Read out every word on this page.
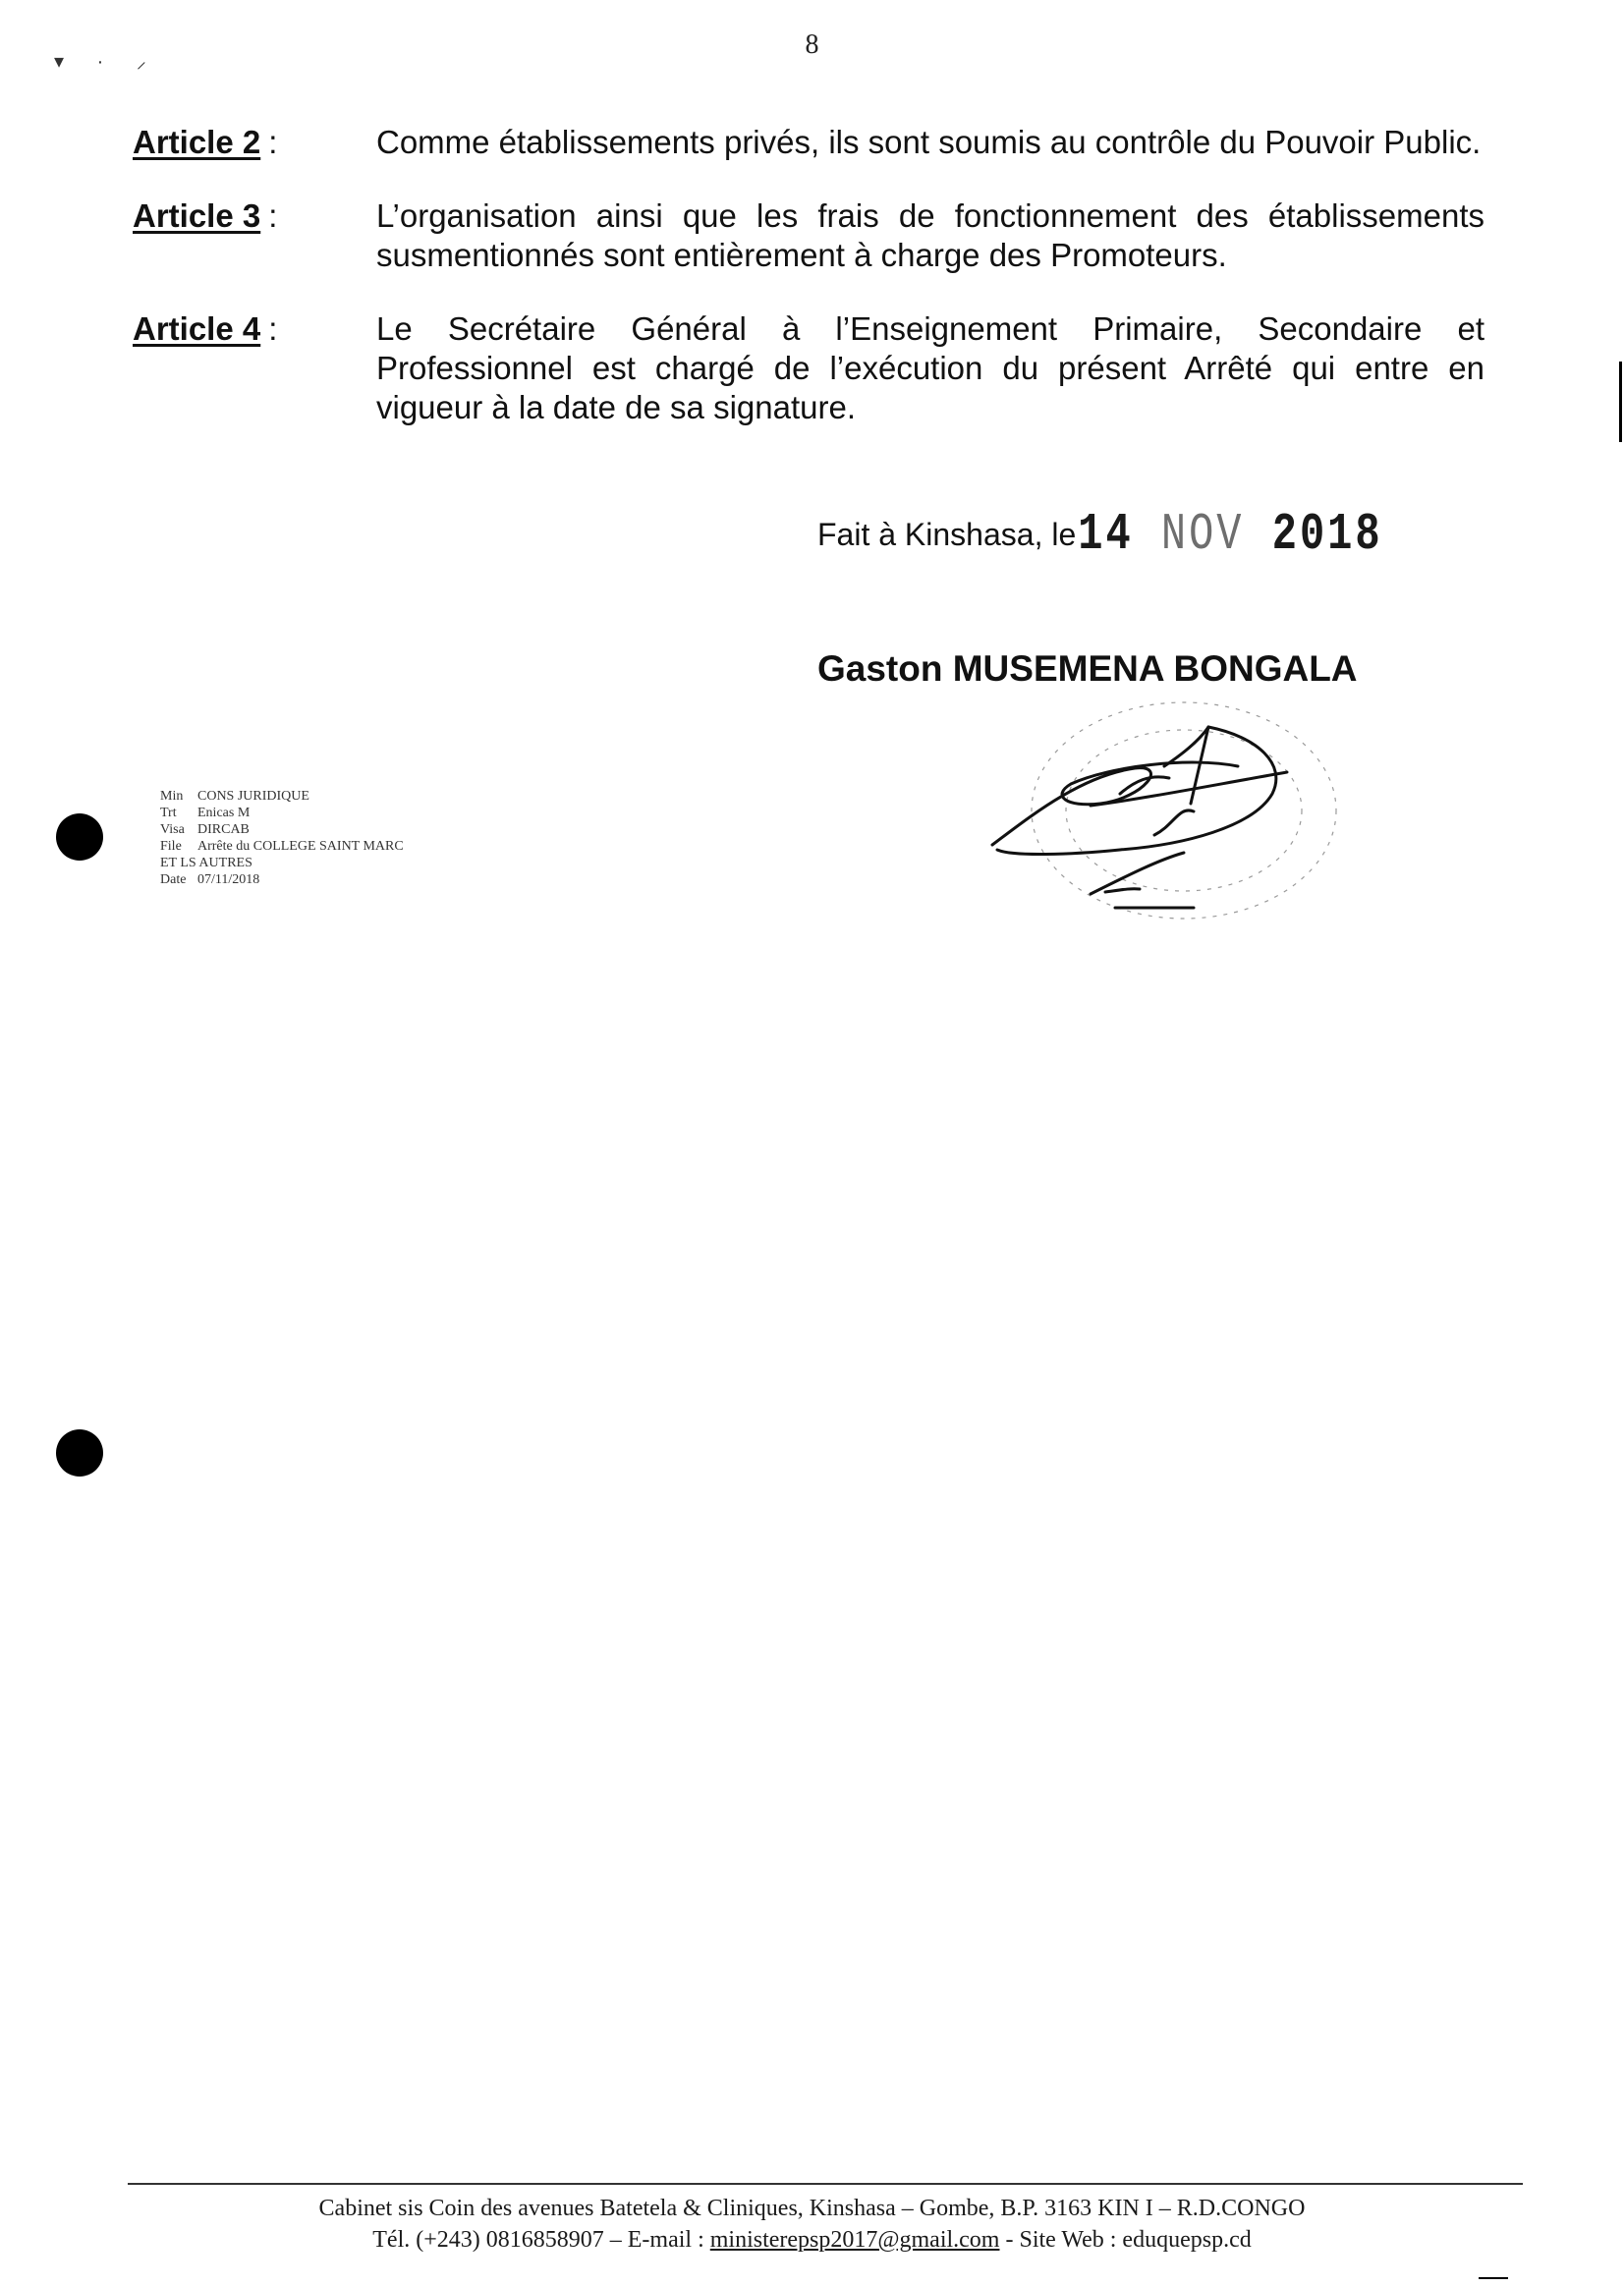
▾ · ⸝
8
Article 2 :	Comme établissements privés, ils sont soumis au contrôle du Pouvoir Public.
Article 3 :	L’organisation ainsi que les frais de fonctionnement des établissements susmentionnés sont entièrement à charge des Promoteurs.
Article 4 :	Le Secrétaire Général à l’Enseignement Primaire, Secondaire et Professionnel est chargé de l’exécution du présent Arrêté qui entre en vigueur à la date de sa signature.
Fait à Kinshasa, le 14 NOV 2018
Gaston MUSEMENA BONGALA
Min CONS JURIDIQUE
Trt Enicas M
Visa DIRCAB
File Arrête du COLLEGE SAINT MARC
ET LS AUTRES
Date 07/11/2018
Cabinet sis Coin des avenues Batetela & Cliniques, Kinshasa – Gombe, B.P. 3163 KIN I – R.D.CONGO
Tél. (+243) 0816858907 – E-mail : ministerepsp2017@gmail.com - Site Web : eduquepsp.cd
